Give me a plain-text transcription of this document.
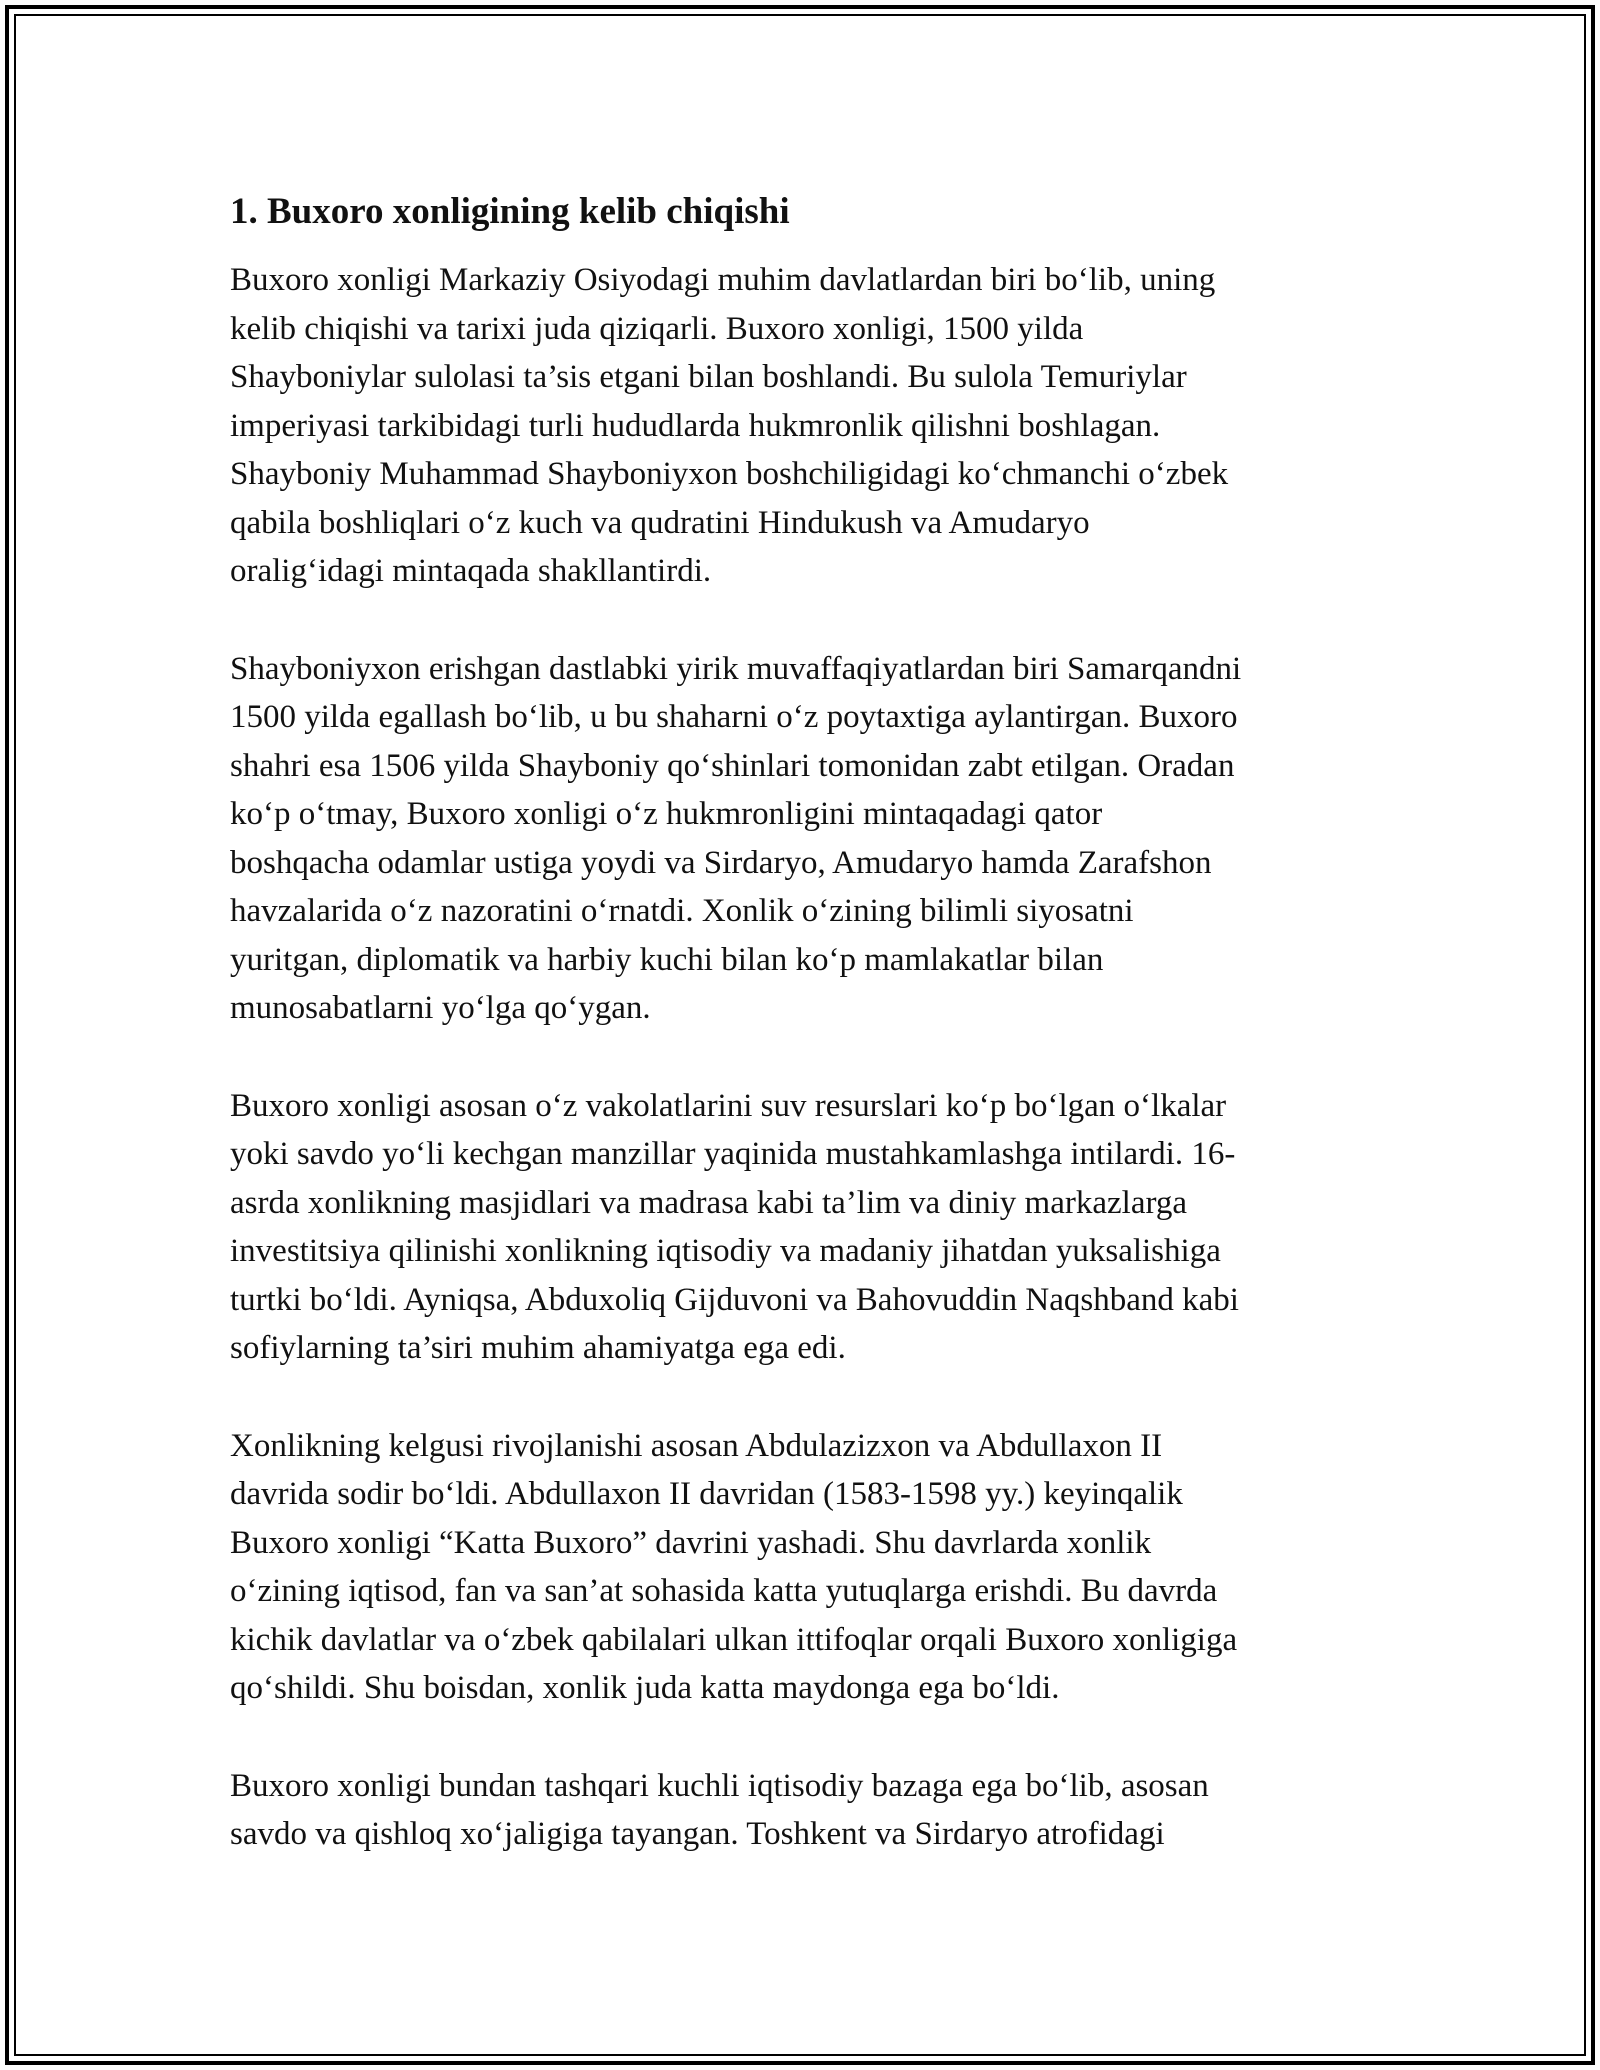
1. Buxoro xonligining kelib chiqishi
Buxoro xonligi Markaziy Osiyodagi muhim davlatlardan biri boʻlib, uning
kelib chiqishi va tarixi juda qiziqarli. Buxoro xonligi, 1500 yilda
Shayboniylar sulolasi ta’sis etgani bilan boshlandi. Bu sulola Temuriylar
imperiyasi tarkibidagi turli hududlarda hukmronlik qilishni boshlagan.
Shayboniy Muhammad Shayboniyxon boshchiligidagi koʻchmanchi oʻzbek
qabila boshliqlari oʻz kuch va qudratini Hindukush va Amudaryo
oraligʻidagi mintaqada shakllantirdi.
Shayboniyxon erishgan dastlabki yirik muvaffaqiyatlardan biri Samarqandni
1500 yilda egallash boʻlib, u bu shaharni oʻz poytaxtiga aylantirgan. Buxoro
shahri esa 1506 yilda Shayboniy qoʻshinlari tomonidan zabt etilgan. Oradan
koʻp oʻtmay, Buxoro xonligi oʻz hukmronligini mintaqadagi qator
boshqacha odamlar ustiga yoydi va Sirdaryo, Amudaryo hamda Zarafshon
havzalarida oʻz nazoratini oʻrnatdi. Xonlik oʻzining bilimli siyosatni
yuritgan, diplomatik va harbiy kuchi bilan koʻp mamlakatlar bilan
munosabatlarni yoʻlga qoʻygan.
Buxoro xonligi asosan oʻz vakolatlarini suv resurslari koʻp boʻlgan oʻlkalar
yoki savdo yoʻli kechgan manzillar yaqinida mustahkamlashga intilardi. 16-
asrda xonlikning masjidlari va madrasa kabi ta’lim va diniy markazlarga
investitsiya qilinishi xonlikning iqtisodiy va madaniy jihatdan yuksalishiga
turtki boʻldi. Ayniqsa, Abduxoliq Gijduvoni va Bahovuddin Naqshband kabi
sofiylarning ta’siri muhim ahamiyatga ega edi.
Xonlikning kelgusi rivojlanishi asosan Abdulazizxon va Abdullaxon II
davrida sodir boʻldi. Abdullaxon II davridan (1583-1598 yy.) keyinqalik
Buxoro xonligi “Katta Buxoro” davrini yashadi. Shu davrlarda xonlik
oʻzining iqtisod, fan va san’at sohasida katta yutuqlarga erishdi. Bu davrda
kichik davlatlar va oʻzbek qabilalari ulkan ittifoqlar orqali Buxoro xonligiga
qoʻshildi. Shu boisdan, xonlik juda katta maydonga ega boʻldi.
Buxoro xonligi bundan tashqari kuchli iqtisodiy bazaga ega boʻlib, asosan
savdo va qishloq xoʻjaligiga tayangan. Toshkent va Sirdaryo atrofidagi
